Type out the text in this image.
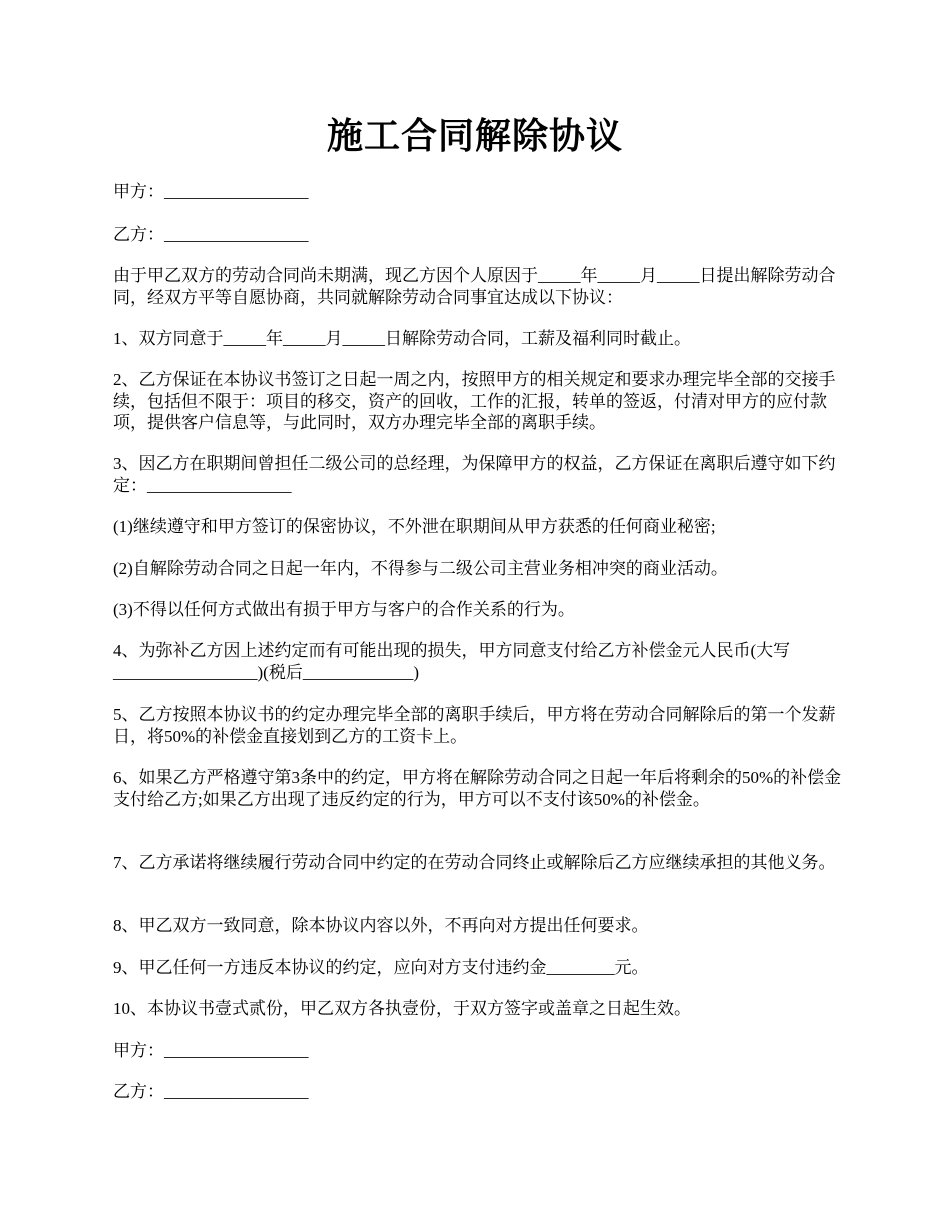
施工合同解除协议

甲方：_________________

乙方：_________________

由于甲乙双方的劳动合同尚未期满，现乙方因个人原因于_____年_____月_____日提出解除劳动合同，经双方平等自愿协商，共同就解除劳动合同事宜达成以下协议：

1、双方同意于_____年_____月_____日解除劳动合同，工薪及福利同时截止。

2、乙方保证在本协议书签订之日起一周之内，按照甲方的相关规定和要求办理完毕全部的交接手续，包括但不限于：项目的移交，资产的回收，工作的汇报，转单的签返，付清对甲方的应付款项，提供客户信息等，与此同时，双方办理完毕全部的离职手续。

3、因乙方在职期间曾担任二级公司的总经理，为保障甲方的权益，乙方保证在离职后遵守如下约定：_________________

(1)继续遵守和甲方签订的保密协议，不外泄在职期间从甲方获悉的任何商业秘密;

(2)自解除劳动合同之日起一年内，不得参与二级公司主营业务相冲突的商业活动。

(3)不得以任何方式做出有损于甲方与客户的合作关系的行为。

4、为弥补乙方因上述约定而有可能出现的损失，甲方同意支付给乙方补偿金元人民币(大写_________________)(税后_____________)

5、乙方按照本协议书的约定办理完毕全部的离职手续后，甲方将在劳动合同解除后的第一个发薪日，将50%的补偿金直接划到乙方的工资卡上。

6、如果乙方严格遵守第3条中的约定，甲方将在解除劳动合同之日起一年后将剩余的50%的补偿金支付给乙方;如果乙方出现了违反约定的行为，甲方可以不支付该50%的补偿金。

7、乙方承诺将继续履行劳动合同中约定的在劳动合同终止或解除后乙方应继续承担的其他义务。

8、甲乙双方一致同意，除本协议内容以外，不再向对方提出任何要求。

9、甲乙任何一方违反本协议的约定，应向对方支付违约金________元。

10、本协议书壹式贰份，甲乙双方各执壹份，于双方签字或盖章之日起生效。

甲方：_________________

乙方：_________________
